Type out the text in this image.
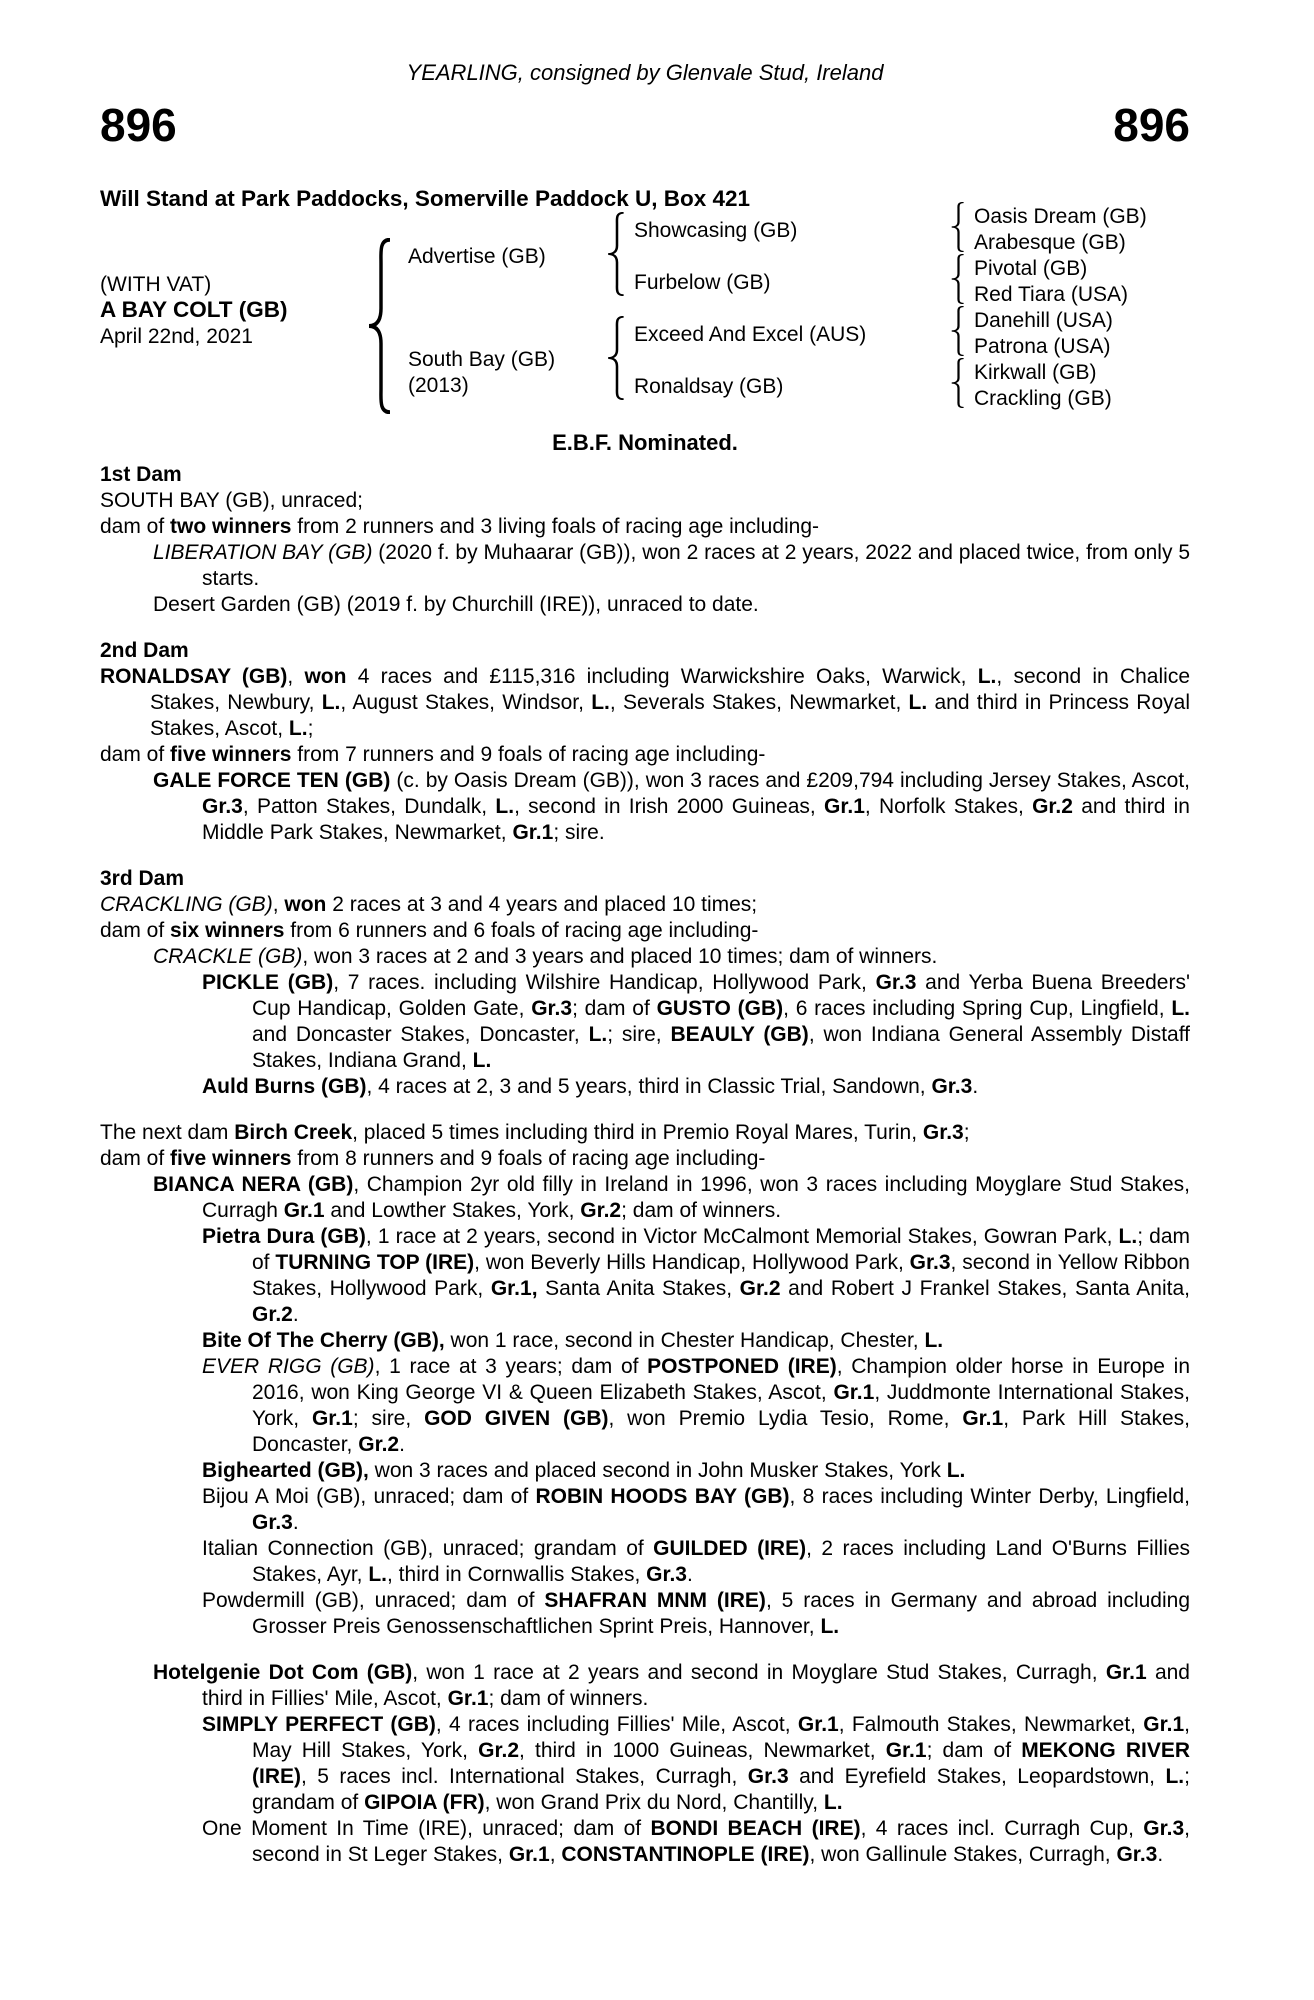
YEARLING, consigned by Glenvale Stud, Ireland
896	896
Will Stand at Park Paddocks, Somerville Paddock U, Box 421
(WITH VAT)
A BAY COLT (GB)
April 22nd, 2021
Advertise (GB)
South Bay (GB)
(2013)
Showcasing (GB)
Furbelow (GB)
Exceed And Excel (AUS)
Ronaldsay (GB)
Oasis Dream (GB)
Arabesque (GB)
Pivotal (GB)
Red Tiara (USA)
Danehill (USA)
Patrona (USA)
Kirkwall (GB)
Crackling (GB)
E.B.F. Nominated.
1st Dam
SOUTH BAY (GB), unraced;
dam of two winners from 2 runners and 3 living foals of racing age including-
LIBERATION BAY (GB) (2020 f. by Muhaarar (GB)), won 2 races at 2 years, 2022 and placed twice, from only 5 starts.
Desert Garden (GB) (2019 f. by Churchill (IRE)), unraced to date.
2nd Dam
RONALDSAY (GB), won 4 races and £115,316 including Warwickshire Oaks, Warwick, L., second in Chalice Stakes, Newbury, L., August Stakes, Windsor, L., Severals Stakes, Newmarket, L. and third in Princess Royal Stakes, Ascot, L.;
dam of five winners from 7 runners and 9 foals of racing age including-
GALE FORCE TEN (GB) (c. by Oasis Dream (GB)), won 3 races and £209,794 including Jersey Stakes, Ascot, Gr.3, Patton Stakes, Dundalk, L., second in Irish 2000 Guineas, Gr.1, Norfolk Stakes, Gr.2 and third in Middle Park Stakes, Newmarket, Gr.1; sire.
3rd Dam
CRACKLING (GB), won 2 races at 3 and 4 years and placed 10 times;
dam of six winners from 6 runners and 6 foals of racing age including-
CRACKLE (GB), won 3 races at 2 and 3 years and placed 10 times; dam of winners.
PICKLE (GB), 7 races. including Wilshire Handicap, Hollywood Park, Gr.3 and Yerba Buena Breeders' Cup Handicap, Golden Gate, Gr.3; dam of GUSTO (GB), 6 races including Spring Cup, Lingfield, L. and Doncaster Stakes, Doncaster, L.; sire, BEAULY (GB), won Indiana General Assembly Distaff Stakes, Indiana Grand, L.
Auld Burns (GB), 4 races at 2, 3 and 5 years, third in Classic Trial, Sandown, Gr.3.
The next dam Birch Creek, placed 5 times including third in Premio Royal Mares, Turin, Gr.3;
dam of five winners from 8 runners and 9 foals of racing age including-
BIANCA NERA (GB), Champion 2yr old filly in Ireland in 1996, won 3 races including Moyglare Stud Stakes, Curragh Gr.1 and Lowther Stakes, York, Gr.2; dam of winners.
Pietra Dura (GB), 1 race at 2 years, second in Victor McCalmont Memorial Stakes, Gowran Park, L.; dam of TURNING TOP (IRE), won Beverly Hills Handicap, Hollywood Park, Gr.3, second in Yellow Ribbon Stakes, Hollywood Park, Gr.1, Santa Anita Stakes, Gr.2 and Robert J Frankel Stakes, Santa Anita, Gr.2.
Bite Of The Cherry (GB), won 1 race, second in Chester Handicap, Chester, L.
EVER RIGG (GB), 1 race at 3 years; dam of POSTPONED (IRE), Champion older horse in Europe in 2016, won King George VI & Queen Elizabeth Stakes, Ascot, Gr.1, Juddmonte International Stakes, York, Gr.1; sire, GOD GIVEN (GB), won Premio Lydia Tesio, Rome, Gr.1, Park Hill Stakes, Doncaster, Gr.2.
Bighearted (GB), won 3 races and placed second in John Musker Stakes, York L.
Bijou A Moi (GB), unraced; dam of ROBIN HOODS BAY (GB), 8 races including Winter Derby, Lingfield, Gr.3.
Italian Connection (GB), unraced; grandam of GUILDED (IRE), 2 races including Land O'Burns Fillies Stakes, Ayr, L., third in Cornwallis Stakes, Gr.3.
Powdermill (GB), unraced; dam of SHAFRAN MNM (IRE), 5 races in Germany and abroad including Grosser Preis Genossenschaftlichen Sprint Preis, Hannover, L.
Hotelgenie Dot Com (GB), won 1 race at 2 years and second in Moyglare Stud Stakes, Curragh, Gr.1 and third in Fillies' Mile, Ascot, Gr.1; dam of winners.
SIMPLY PERFECT (GB), 4 races including Fillies' Mile, Ascot, Gr.1, Falmouth Stakes, Newmarket, Gr.1, May Hill Stakes, York, Gr.2, third in 1000 Guineas, Newmarket, Gr.1; dam of MEKONG RIVER (IRE), 5 races incl. International Stakes, Curragh, Gr.3 and Eyrefield Stakes, Leopardstown, L.; grandam of GIPOIA (FR), won Grand Prix du Nord, Chantilly, L.
One Moment In Time (IRE), unraced; dam of BONDI BEACH (IRE), 4 races incl. Curragh Cup, Gr.3, second in St Leger Stakes, Gr.1, CONSTANTINOPLE (IRE), won Gallinule Stakes, Curragh, Gr.3.
